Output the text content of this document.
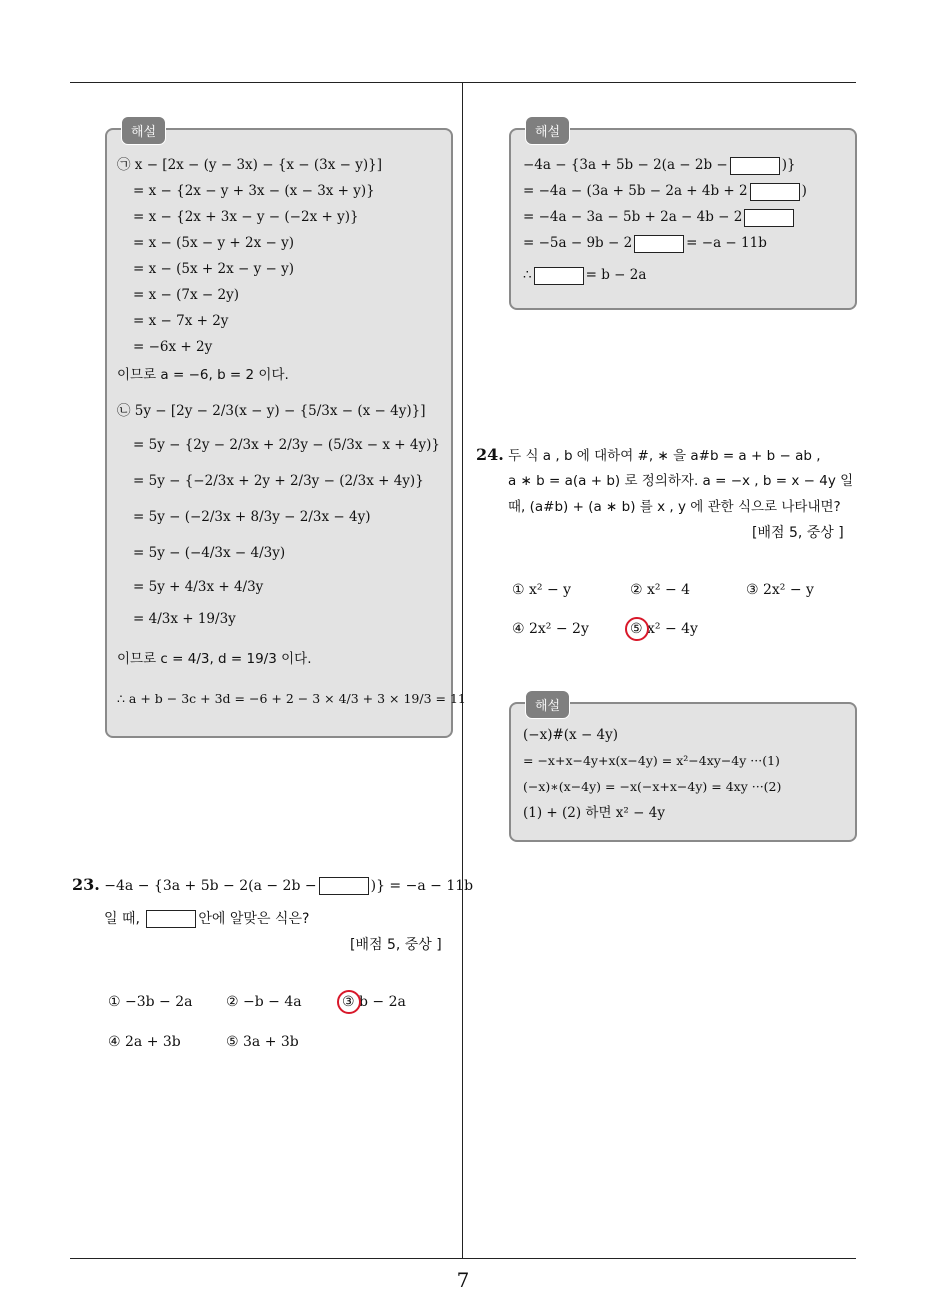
해설
㉠ x − [2x − (y − 3x) − {x − (3x − y)}]
= x − {2x − y + 3x − (x − 3x + y)}
= x − {2x + 3x − y − (−2x + y)}
= x − (5x − y + 2x − y)
= x − (5x + 2x − y − y)
= x − (7x − 2y)
= x − 7x + 2y
= −6x + 2y
이므로 a = −6, b = 2 이다.
㉡ 5y − [2y − 2/3(x − y) − {5/3x − (x − 4y)}]
= 5y − {2y − 2/3x + 2/3y − (5/3x − x + 4y)}
= 5y − {−2/3x + 2y + 2/3y − (2/3x + 4y)}
= 5y − (−2/3x + 8/3y − 2/3x − 4y)
= 5y − (−4/3x − 4/3y)
= 5y + 4/3x + 4/3y
= 4/3x + 19/3y
이므로 c = 4/3, d = 19/3 이다.
∴ a + b − 3c + 3d = −6 + 2 − 3 × 4/3 + 3 × 19/3 = 11
23. −4a − {3a + 5b − 2(a − 2b −	)} = −a − 11b
일 때,	안에 알맞은 식은?
[배점 5, 중상 ]
① −3b − 2a ② −b − 4a	③ b − 2a
④ 2a + 3b	⑤ 3a + 3b
해설
−4a − {3a + 5b − 2(a − 2b −	)}
= −4a − (3a + 5b − 2a + 4b + 2	)
= −4a − 3a − 5b + 2a − 4b − 2
= −5a − 9b − 2	= −a − 11b
∴	= b − 2a
24. 두 식 a , b 에 대하여 #, ∗ 을 a#b = a + b − ab ,
a ∗ b = a(a + b) 로 정의하자. a = −x , b = x − 4y 일
때, (a#b) + (a ∗ b) 를 x , y 에 관한 식으로 나타내면?
[배점 5, 중상 ]
① x² − y	② x² − 4	③ 2x² − y
④ 2x² − 2y	⑤ x² − 4y
해설
(−x)#(x − 4y)
= −x+x−4y+x(x−4y) = x²−4xy−4y ···(1)
(−x)∗(x−4y) = −x(−x+x−4y) = 4xy ···(2)
(1) + (2) 하면 x² − 4y
7
